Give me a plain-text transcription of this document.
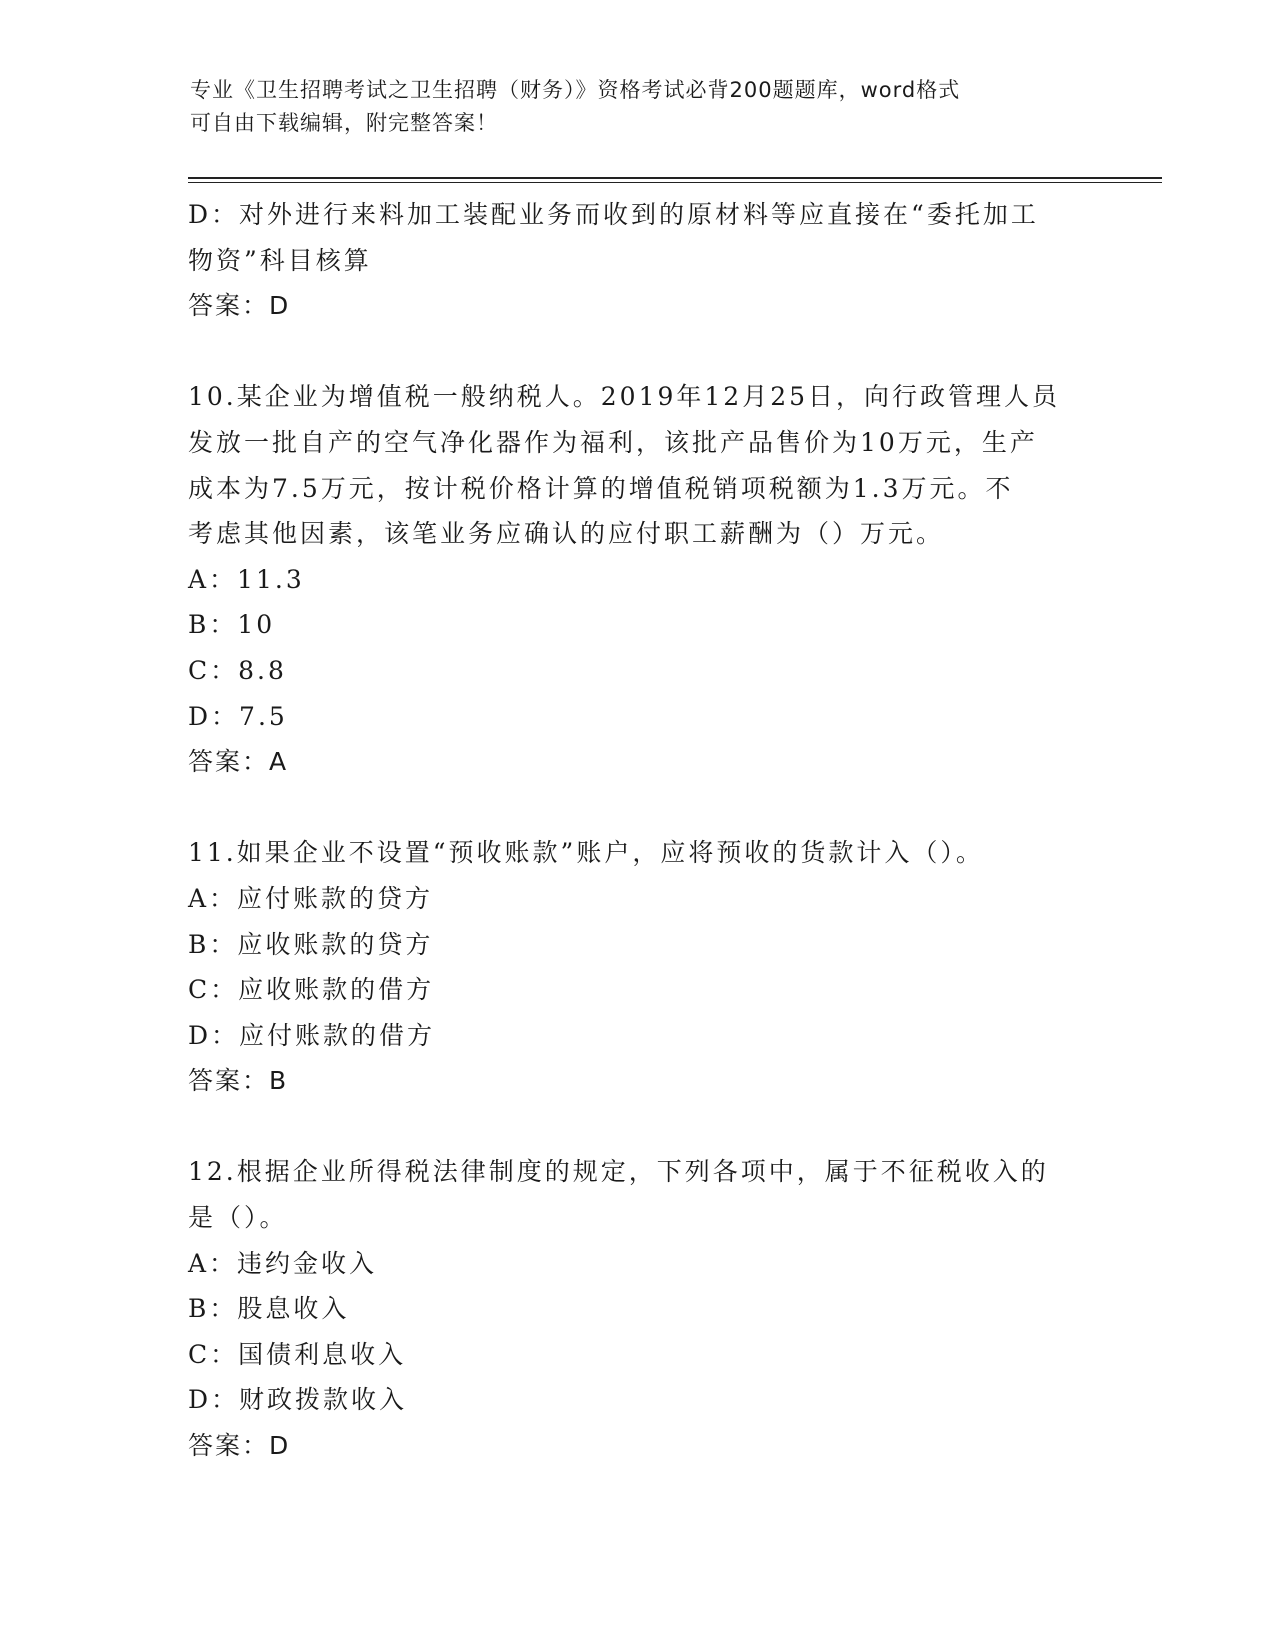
专业《卫生招聘考试之卫生招聘（财务）》资格考试必背200题题库，word格式
可自由下载编辑，附完整答案！
D：对外进行来料加工装配业务而收到的原材料等应直接在“委托加工
物资”科目核算
答案：D
10.某企业为增值税一般纳税人。2019年12月25日，向行政管理人员
发放一批自产的空气净化器作为福利，该批产品售价为10万元，生产
成本为7.5万元，按计税价格计算的增值税销项税额为1.3万元。不
考虑其他因素，该笔业务应确认的应付职工薪酬为（）万元。
A：11.3
B：10
C：8.8
D：7.5
答案：A
11.如果企业不设置“预收账款”账户，应将预收的货款计入（）。
A：应付账款的贷方
B：应收账款的贷方
C：应收账款的借方
D：应付账款的借方
答案：B
12.根据企业所得税法律制度的规定，下列各项中，属于不征税收入的
是（）。
A：违约金收入
B：股息收入
C：国债利息收入
D：财政拨款收入
答案：D
